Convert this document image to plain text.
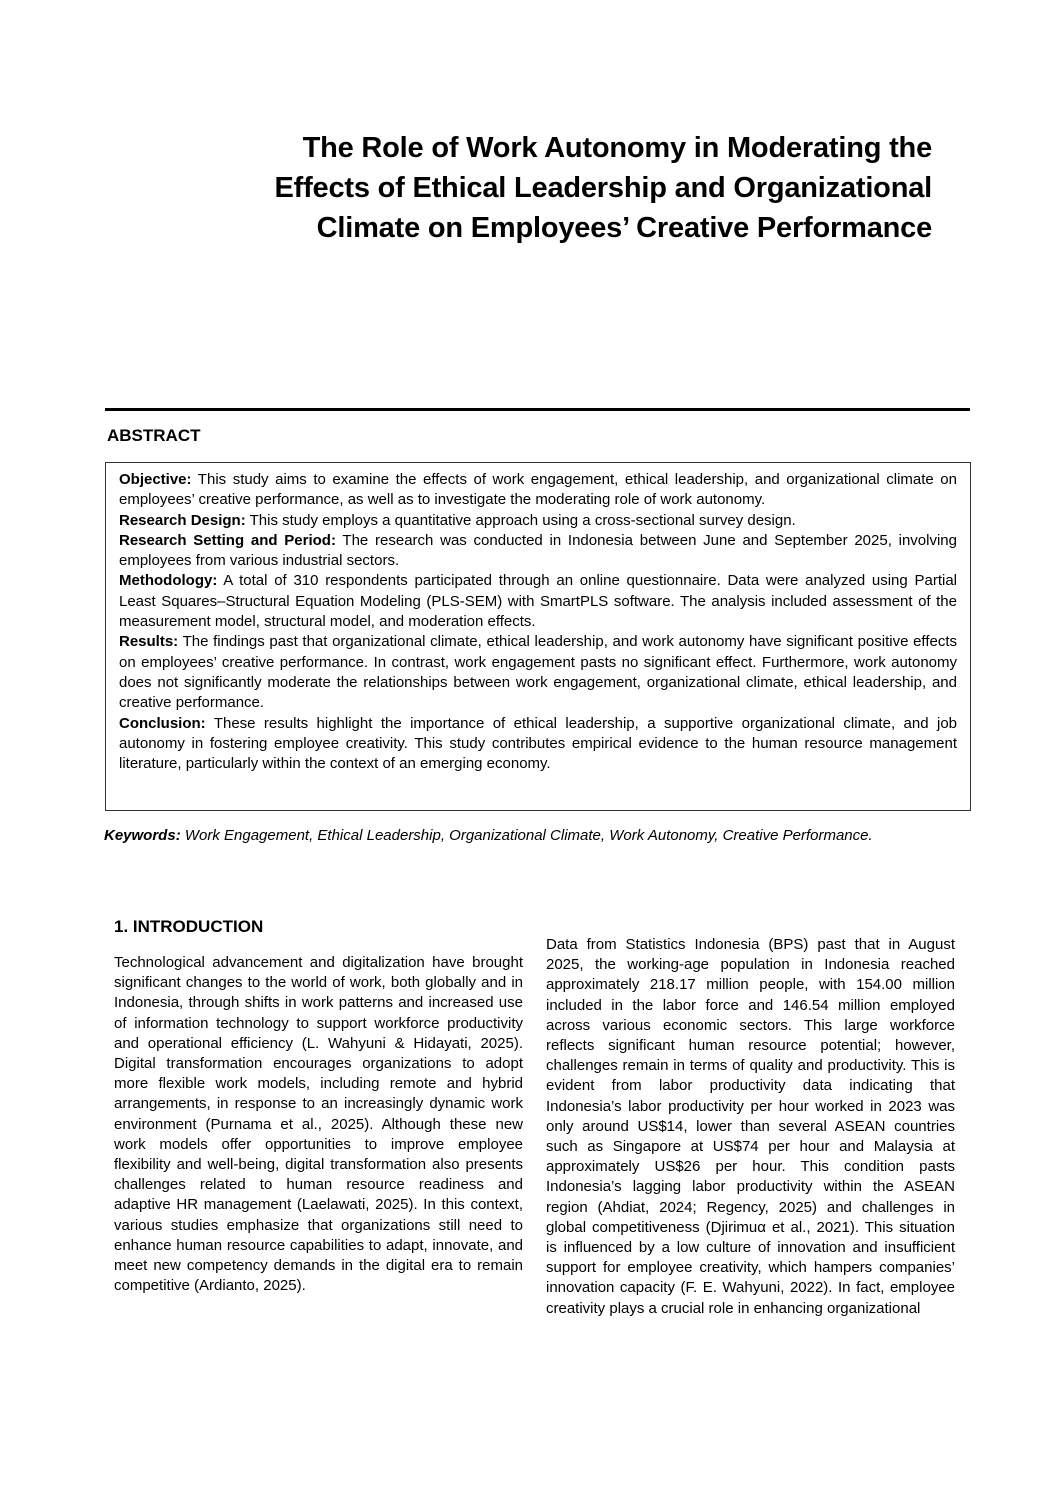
The Role of Work Autonomy in Moderating the
Effects of Ethical Leadership and Organizational
Climate on Employees’ Creative Performance
ABSTRACT

Objective: This study aims to examine the effects of work engagement, ethical leadership, and organizational climate on employees’ creative performance, as well as to investigate the moderating role of work autonomy.

Research Design: This study employs a quantitative approach using a cross-sectional survey design.

Research Setting and Period: The research was conducted in Indonesia between June and September 2025, involving employees from various industrial sectors.

Methodology: A total of 310 respondents participated through an online questionnaire. Data were analyzed using Partial Least Squares–Structural Equation Modeling (PLS-SEM) with SmartPLS software. The analysis included assessment of the measurement model, structural model, and moderation effects.

Results: The findings past that organizational climate, ethical leadership, and work autonomy have significant positive effects on employees’ creative performance. In contrast, work engagement pasts no significant effect. Furthermore, work autonomy does not significantly moderate the relationships between work engagement, organizational climate, ethical leadership, and creative performance.

Conclusion: These results highlight the importance of ethical leadership, a supportive organizational climate, and job autonomy in fostering employee creativity. This study contributes empirical evidence to the human resource management literature, particularly within the context of an emerging economy.

Keywords: Work Engagement, Ethical Leadership, Organizational Climate, Work Autonomy, Creative Performance.

1. INTRODUCTION

Technological advancement and digitalization have brought significant changes to the world of work, both globally and in Indonesia, through shifts in work patterns and increased use of information technology to support workforce productivity and operational efficiency (L. Wahyuni & Hidayati, 2025). Digital transformation encourages organizations to adopt more flexible work models, including remote and hybrid arrangements, in response to an increasingly dynamic work environment (Purnama et al., 2025). Although these new work models offer opportunities to improve employee flexibility and well-being, digital transformation also presents challenges related to human resource readiness and adaptive HR management (Laelawati, 2025). In this context, various studies emphasize that organizations still need to enhance human resource capabilities to adapt, innovate, and meet new competency demands in the digital era to remain competitive (Ardianto, 2025).

Data from Statistics Indonesia (BPS) past that in August 2025, the working-age population in Indonesia reached approximately 218.17 million people, with 154.00 million included in the labor force and 146.54 million employed across various economic sectors. This large workforce reflects significant human resource potential; however, challenges remain in terms of quality and productivity. This is evident from labor productivity data indicating that Indonesia’s labor productivity per hour worked in 2023 was only around US$14, lower than several ASEAN countries such as Singapore at US$74 per hour and Malaysia at approximately US$26 per hour. This condition pasts Indonesia’s lagging labor productivity within the ASEAN region (Ahdiat, 2024; Regency, 2025) and challenges in global competitiveness (Djirimuα et al., 2021). This situation is influenced by a low culture of innovation and insufficient support for employee creativity, which hampers companies’ innovation capacity (F. E. Wahyuni, 2022). In fact, employee creativity plays a crucial role in enhancing organizational
